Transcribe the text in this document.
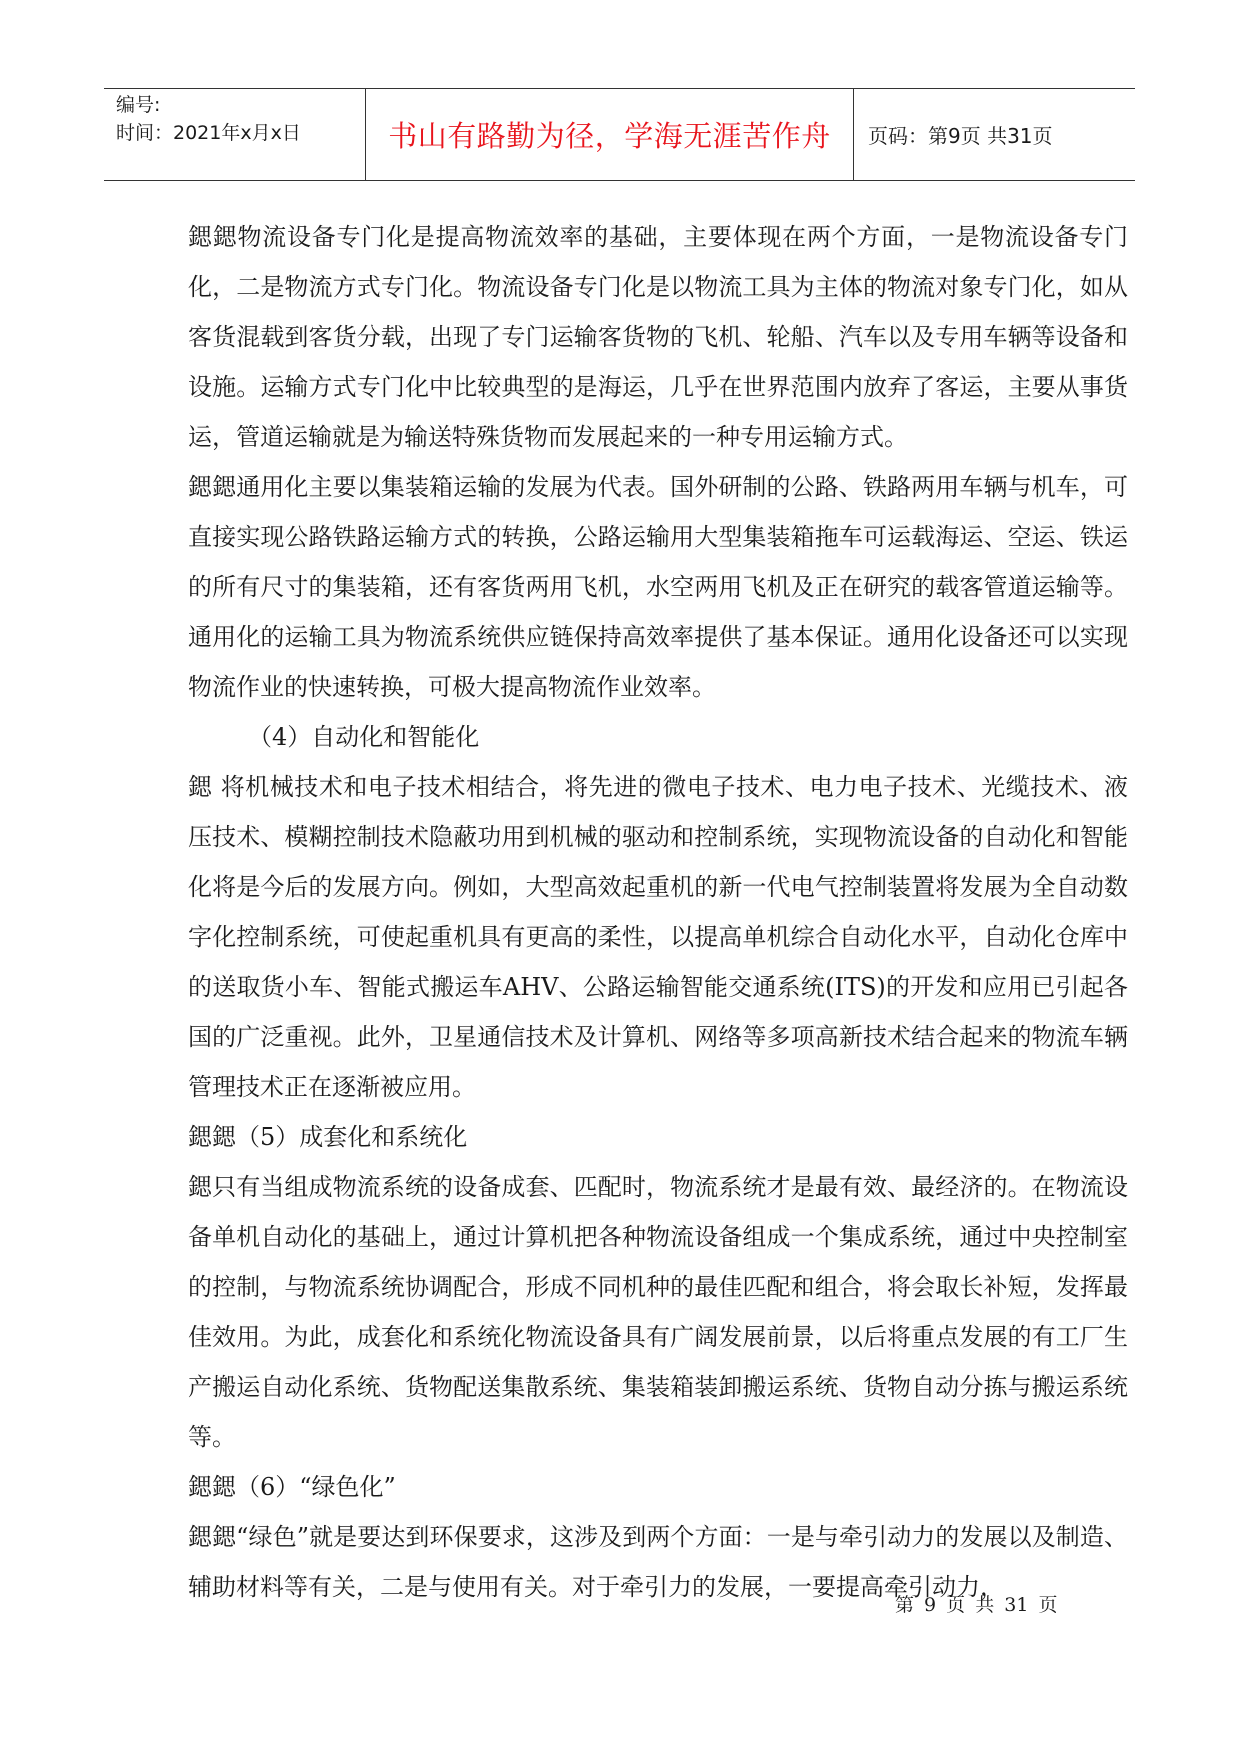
编号:
时间：2021年x月x日	书山有路勤为径，学海无涯苦作舟	页码：第9页 共31页

鍶鍶物流设备专门化是提高物流效率的基础，主要体现在两个方面，一是物流设备专门化，二是物流方式专门化。物流设备专门化是以物流工具为主体的物流对象专门化，如从客货混载到客货分载，出现了专门运输客货物的飞机、轮船、汽车以及专用车辆等设备和设施。运输方式专门化中比较典型的是海运，几乎在世界范围内放弃了客运，主要从事货运，管道运输就是为输送特殊货物而发展起来的一种专用运输方式。

鍶鍶通用化主要以集装箱运输的发展为代表。国外研制的公路、铁路两用车辆与机车，可直接实现公路铁路运输方式的转换，公路运输用大型集装箱拖车可运载海运、空运、铁运的所有尺寸的集装箱，还有客货两用飞机，水空两用飞机及正在研究的载客管道运输等。通用化的运输工具为物流系统供应链保持高效率提供了基本保证。通用化设备还可以实现物流作业的快速转换，可极大提高物流作业效率。

（4）自动化和智能化

鍶 将机械技术和电子技术相结合，将先进的微电子技术、电力电子技术、光缆技术、液压技术、模糊控制技术隐蔽功用到机械的驱动和控制系统，实现物流设备的自动化和智能化将是今后的发展方向。例如，大型高效起重机的新一代电气控制装置将发展为全自动数字化控制系统，可使起重机具有更高的柔性，以提高单机综合自动化水平，自动化仓库中的送取货小车、智能式搬运车AHV、公路运输智能交通系统(ITS)的开发和应用已引起各国的广泛重视。此外，卫星通信技术及计算机、网络等多项高新技术结合起来的物流车辆管理技术正在逐渐被应用。

鍶鍶（5）成套化和系统化

鍶只有当组成物流系统的设备成套、匹配时，物流系统才是最有效、最经济的。在物流设备单机自动化的基础上，通过计算机把各种物流设备组成一个集成系统，通过中央控制室的控制，与物流系统协调配合，形成不同机种的最佳匹配和组合，将会取长补短，发挥最佳效用。为此，成套化和系统化物流设备具有广阔发展前景，以后将重点发展的有工厂生产搬运自动化系统、货物配送集散系统、集装箱装卸搬运系统、货物自动分拣与搬运系统等。

鍶鍶（6）“绿色化”

鍶鍶“绿色”就是要达到环保要求，这涉及到两个方面：一是与牵引动力的发展以及制造、辅助材料等有关，二是与使用有关。对于牵引力的发展，一要提高牵引动力，

第 9 页 共 31 页
